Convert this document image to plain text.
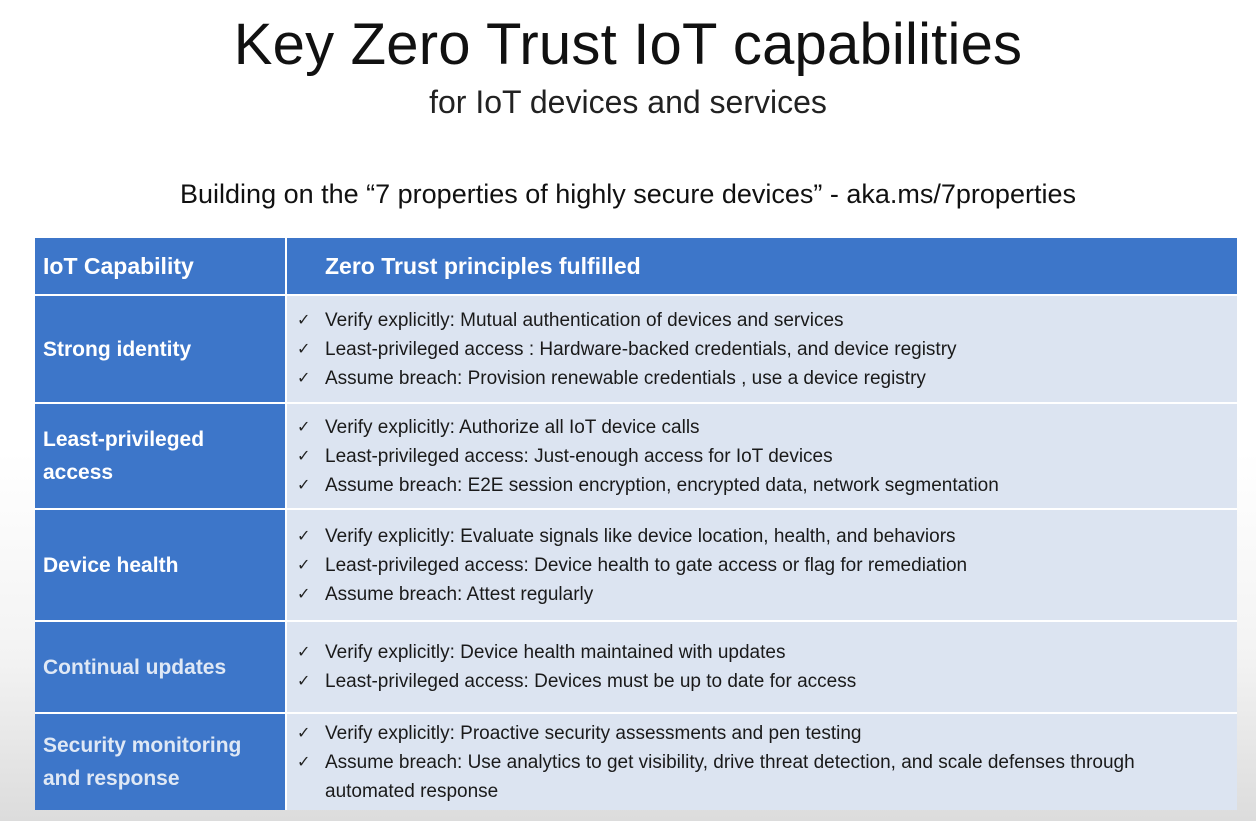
Key Zero Trust IoT capabilities
for IoT devices and services
Building on the “7 properties of highly secure devices” - aka.ms/7properties
IoT Capability	Zero Trust principles fulfilled
Strong identity
✓ Verify explicitly: Mutual authentication of devices and services
✓ Least-privileged access : Hardware-backed credentials, and device registry
✓ Assume breach: Provision renewable credentials , use a device registry
Least-privileged access
✓ Verify explicitly: Authorize all IoT device calls
✓ Least-privileged access: Just-enough access for IoT devices
✓ Assume breach: E2E session encryption, encrypted data, network segmentation
Device health
✓ Verify explicitly: Evaluate signals like device location, health, and behaviors
✓ Least-privileged access: Device health to gate access or flag for remediation
✓ Assume breach: Attest regularly
Continual updates
✓ Verify explicitly: Device health maintained with updates
✓ Least-privileged access: Devices must be up to date for access
Security monitoring and response
✓ Verify explicitly: Proactive security assessments and pen testing
✓ Assume breach: Use analytics to get visibility, drive threat detection, and scale defenses through automated response
